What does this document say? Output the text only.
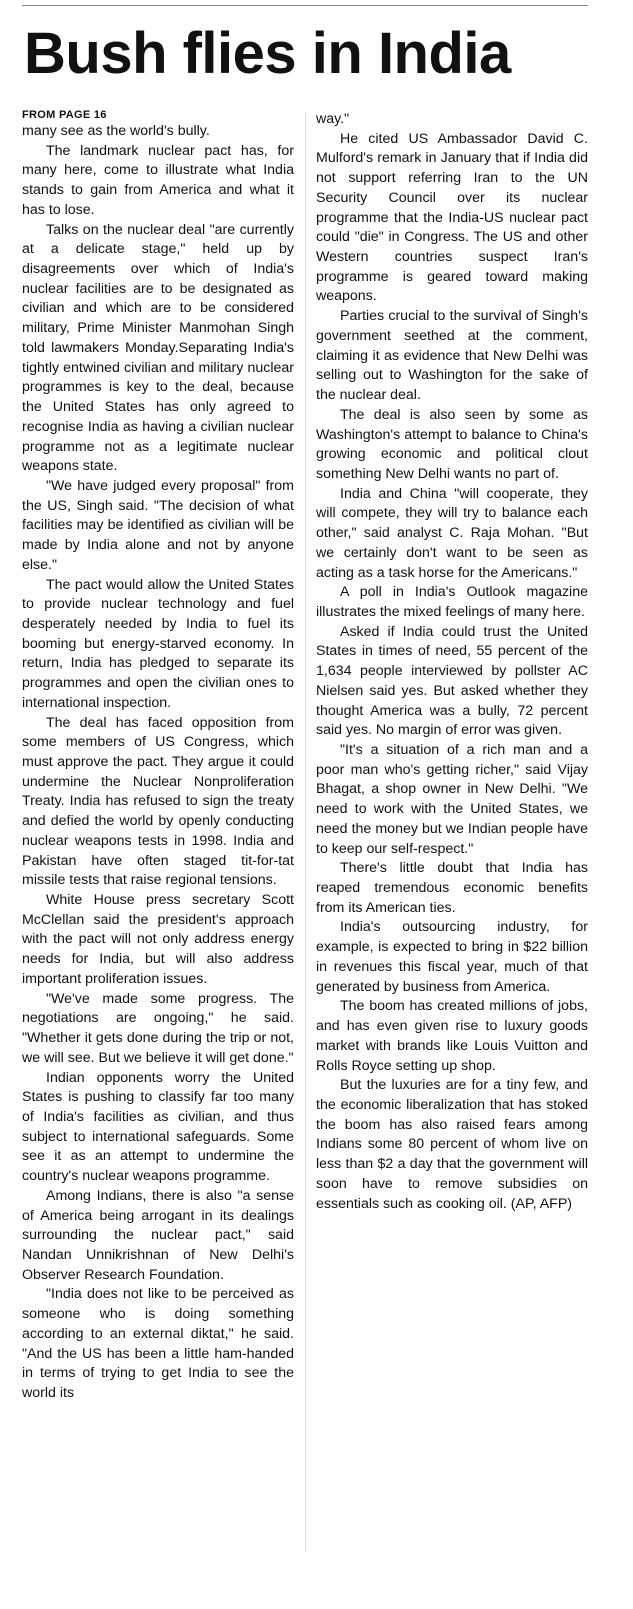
Bush flies in India
FROM PAGE 16

many see as the world's bully.

The landmark nuclear pact has, for many here, come to illustrate what India stands to gain from America and what it has to lose.

Talks on the nuclear deal "are currently at a delicate stage," held up by disagreements over which of India's nuclear facilities are to be designated as civilian and which are to be considered military, Prime Minister Manmohan Singh told lawmakers Monday.Separating India's tightly entwined civilian and military nuclear programmes is key to the deal, because the United States has only agreed to recognise India as having a civilian nuclear programme not as a legitimate nuclear weapons state.

"We have judged every proposal" from the US, Singh said. "The decision of what facilities may be identified as civilian will be made by India alone and not by anyone else."

The pact would allow the United States to provide nuclear technology and fuel desperately needed by India to fuel its booming but energy-starved economy. In return, India has pledged to separate its programmes and open the civilian ones to international inspection.

The deal has faced opposition from some members of US Congress, which must approve the pact. They argue it could undermine the Nuclear Nonproliferation Treaty. India has refused to sign the treaty and defied the world by openly conducting nuclear weapons tests in 1998. India and Pakistan have often staged tit-for-tat missile tests that raise regional tensions.

White House press secretary Scott McClellan said the president's approach with the pact will not only address energy needs for India, but will also address important proliferation issues.

"We've made some progress. The negotiations are ongoing," he said. "Whether it gets done during the trip or not, we will see. But we believe it will get done."

Indian opponents worry the United States is pushing to classify far too many of India's facilities as civilian, and thus subject to international safeguards. Some see it as an attempt to undermine the country's nuclear weapons programme.

Among Indians, there is also "a sense of America being arrogant in its dealings surrounding the nuclear pact," said Nandan Unnikrishnan of New Delhi's Observer Research Foundation.

"India does not like to be perceived as someone who is doing something according to an external diktat," he said. "And the US has been a little ham-handed in terms of trying to get India to see the world its

way."

He cited US Ambassador David C. Mulford's remark in January that if India did not support referring Iran to the UN Security Council over its nuclear programme that the India-US nuclear pact could "die" in Congress. The US and other Western countries suspect Iran's programme is geared toward making weapons.

Parties crucial to the survival of Singh's government seethed at the comment, claiming it as evidence that New Delhi was selling out to Washington for the sake of the nuclear deal.

The deal is also seen by some as Washington's attempt to balance to China's growing economic and political clout something New Delhi wants no part of.

India and China "will cooperate, they will compete, they will try to balance each other," said analyst C. Raja Mohan. "But we certainly don't want to be seen as acting as a task horse for the Americans."

A poll in India's Outlook magazine illustrates the mixed feelings of many here.

Asked if India could trust the United States in times of need, 55 percent of the 1,634 people interviewed by pollster AC Nielsen said yes. But asked whether they thought America was a bully, 72 percent said yes. No margin of error was given.

"It's a situation of a rich man and a poor man who's getting richer," said Vijay Bhagat, a shop owner in New Delhi. "We need to work with the United States, we need the money but we Indian people have to keep our self-respect."

There's little doubt that India has reaped tremendous economic benefits from its American ties.

India's outsourcing industry, for example, is expected to bring in $22 billion in revenues this fiscal year, much of that generated by business from America.

The boom has created millions of jobs, and has even given rise to luxury goods market with brands like Louis Vuitton and Rolls Royce setting up shop.

But the luxuries are for a tiny few, and the economic liberalization that has stoked the boom has also raised fears among Indians some 80 percent of whom live on less than $2 a day that the government will soon have to remove subsidies on essentials such as cooking oil. (AP, AFP)
